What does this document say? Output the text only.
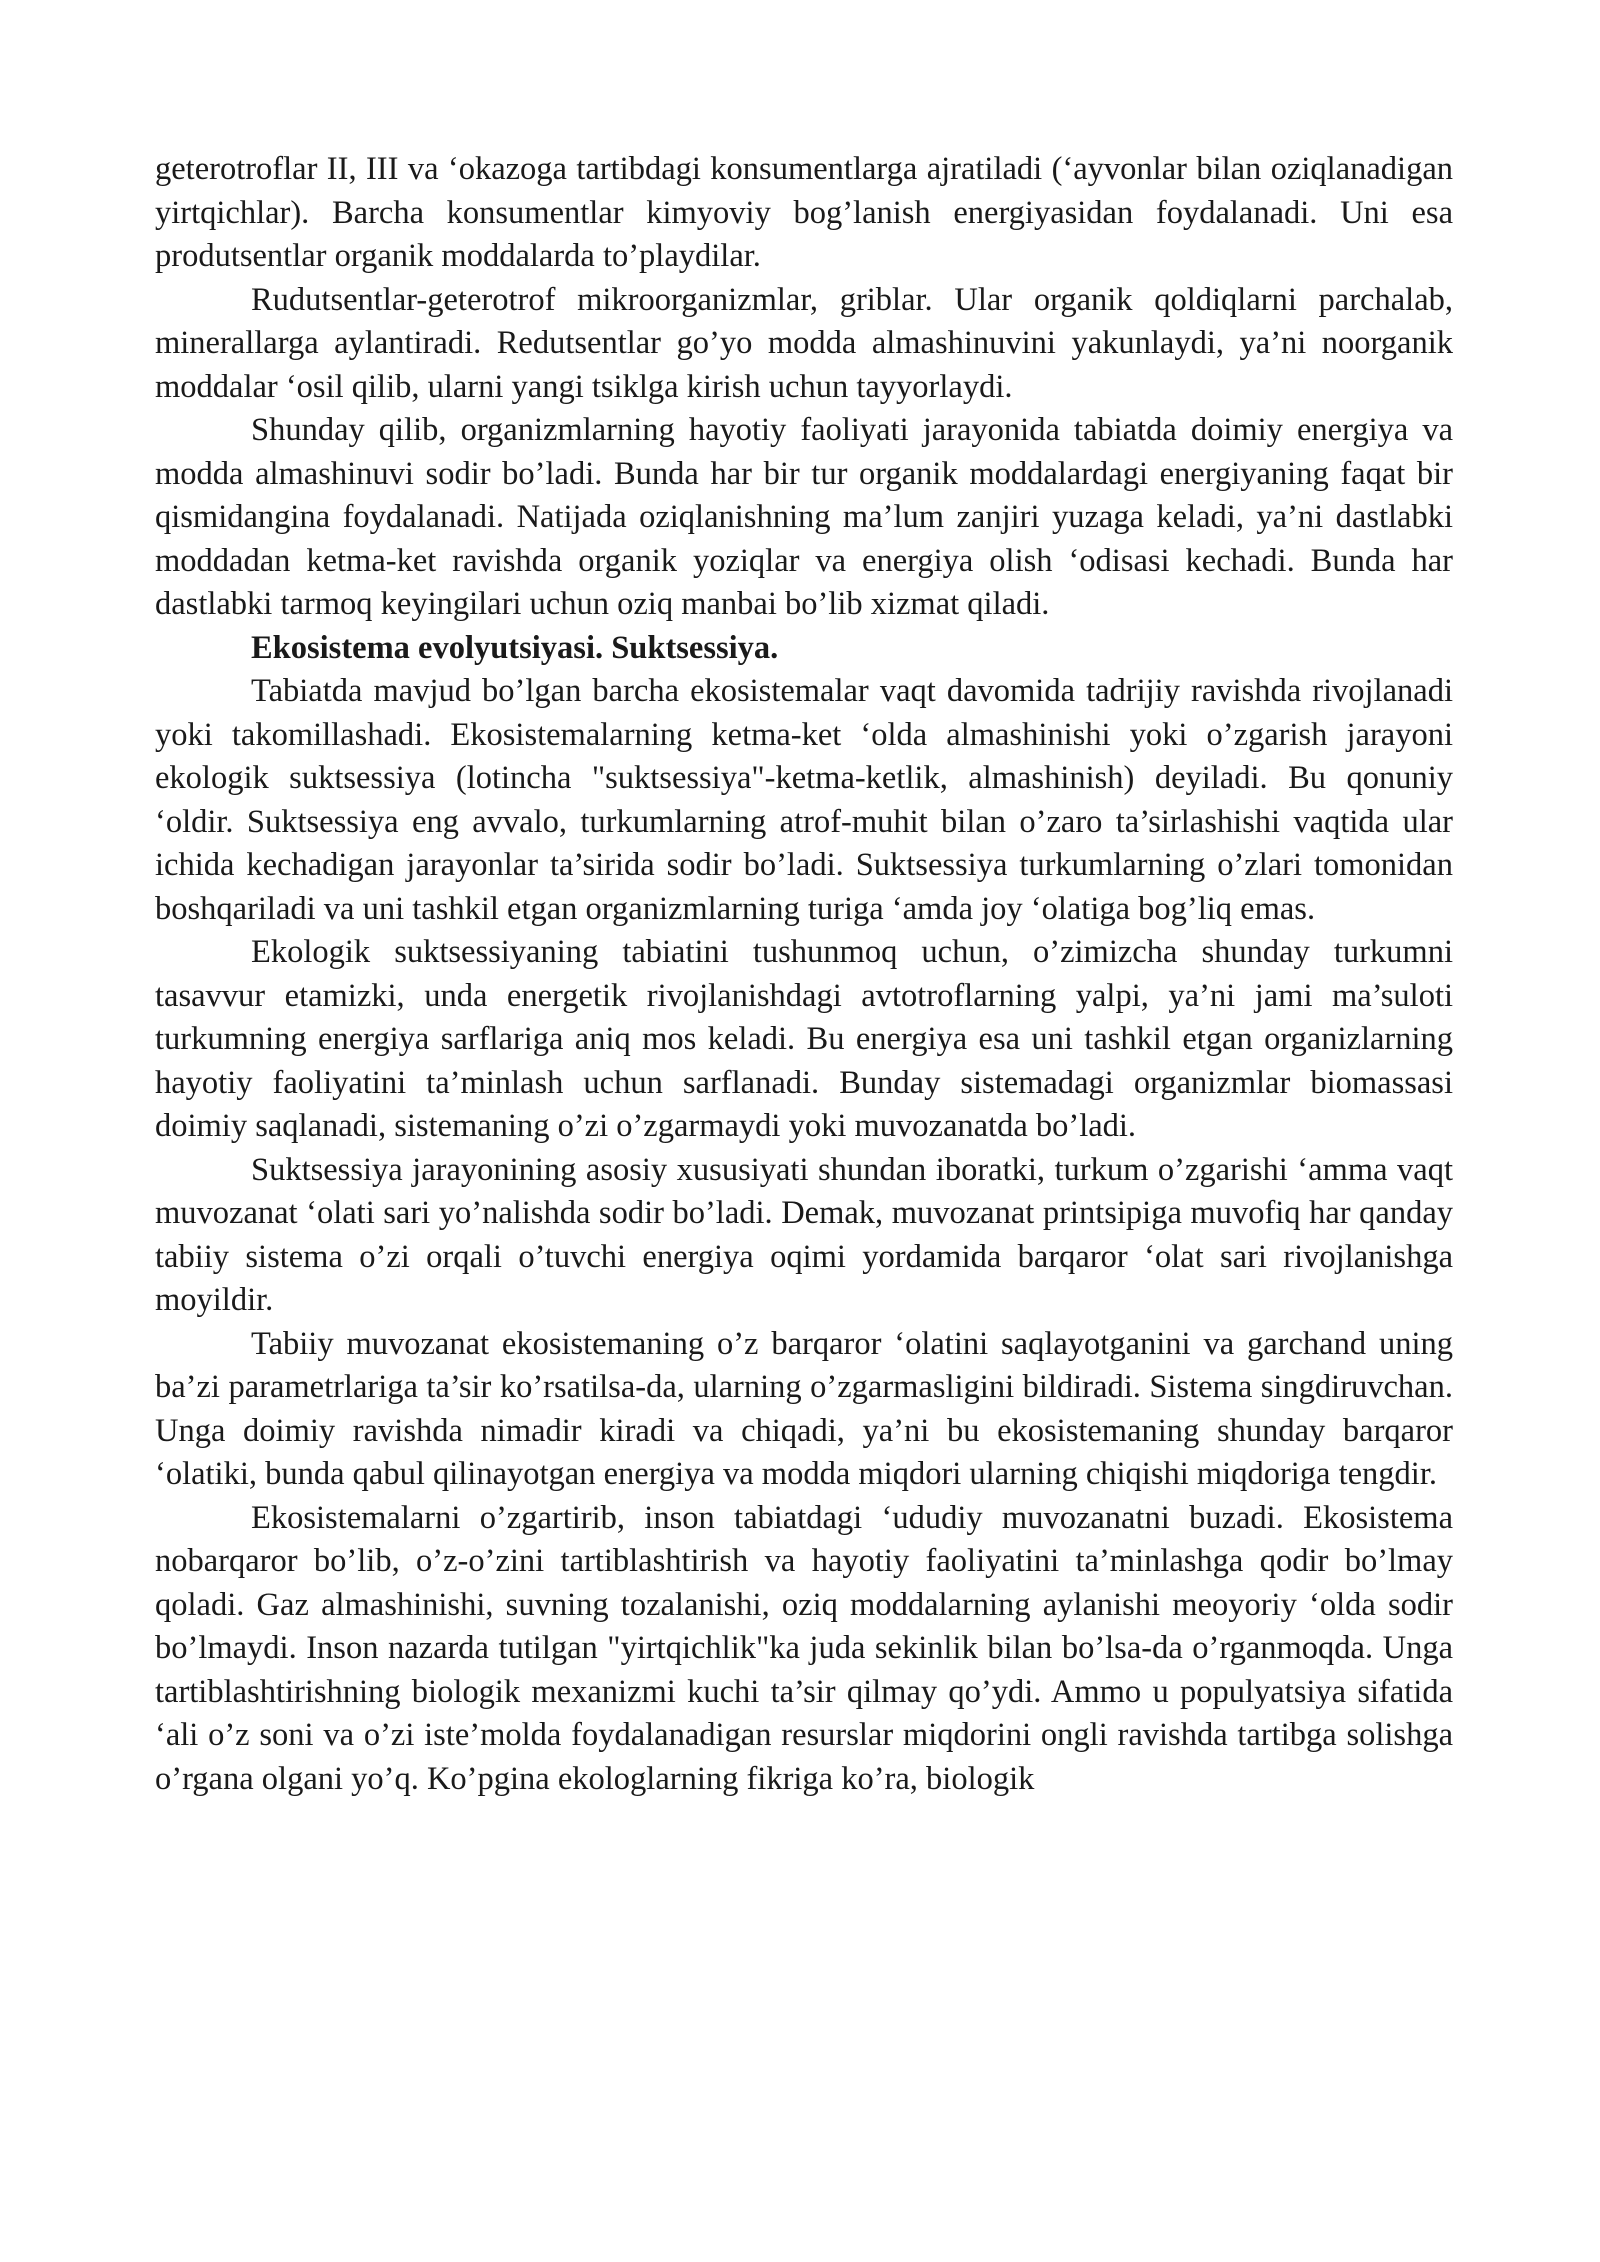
geterotroflar II, III va ‘okazoga tartibdagi konsumentlarga ajratiladi (‘ayvonlar bilan oziqlanadigan yirtqichlar). Barcha konsumentlar kimyoviy bog’lanish energiyasidan foydalanadi. Uni esa produtsentlar organik moddalarda to’playdilar.

Rudutsentlar-geterotrof mikroorganizmlar, griblar. Ular organik qoldiqlarni parchalab, minerallarga aylantiradi. Redutsentlar go’yo modda almashinuvini yakunlaydi, ya’ni noorganik moddalar ‘osil qilib, ularni yangi tsiklga kirish uchun tayyorlaydi.

Shunday qilib, organizmlarning hayotiy faoliyati jarayonida tabiatda doimiy energiya va modda almashinuvi sodir bo’ladi. Bunda har bir tur organik moddalardagi energiyaning faqat bir qismidangina foydalanadi. Natijada oziqlanishning ma’lum zanjiri yuzaga keladi, ya’ni dastlabki moddadan ketma-ket ravishda organik yoziqlar va energiya olish ‘odisasi kechadi. Bunda har dastlabki tarmoq keyingilari uchun oziq manbai bo’lib xizmat qiladi.

Ekosistema evolyutsiyasi. Suktsessiya.

Tabiatda mavjud bo’lgan barcha ekosistemalar vaqt davomida tadrijiy ravishda rivojlanadi yoki takomillashadi. Ekosistemalarning ketma-ket ‘olda almashinishi yoki o’zgarish jarayoni ekologik suktsessiya (lotincha "suktsessiya"-ketma-ketlik, almashinish) deyiladi. Bu qonuniy ‘oldir. Suktsessiya eng avvalo, turkumlarning atrof-muhit bilan o’zaro ta’sirlashishi vaqtida ular ichida kechadigan jarayonlar ta’sirida sodir bo’ladi. Suktsessiya turkumlarning o’zlari tomonidan boshqariladi va uni tashkil etgan organizmlarning turiga ‘amda joy ‘olatiga bog’liq emas.

Ekologik suktsessiyaning tabiatini tushunmoq uchun, o’zimizcha shunday turkumni tasavvur etamizki, unda energetik rivojlanishdagi avtotroflarning yalpi, ya’ni jami ma’suloti turkumning energiya sarflariga aniq mos keladi. Bu energiya esa uni tashkil etgan organizlarning hayotiy faoliyatini ta’minlash uchun sarflanadi. Bunday sistemadagi organizmlar biomassasi doimiy saqlanadi, sistemaning o’zi o’zgarmaydi yoki muvozanatda bo’ladi.

Suktsessiya jarayonining asosiy xususiyati shundan iboratki, turkum o’zgarishi ‘amma vaqt muvozanat ‘olati sari yo’nalishda sodir bo’ladi. Demak, muvozanat printsipiga muvofiq har qanday tabiiy sistema o’zi orqali o’tuvchi energiya oqimi yordamida barqaror ‘olat sari rivojlanishga moyildir.

Tabiiy muvozanat ekosistemaning o’z barqaror ‘olatini saqlayotganini va garchand uning ba’zi parametrlariga ta’sir ko’rsatilsa-da, ularning o’zgarmasligini bildiradi. Sistema singdiruvchan. Unga doimiy ravishda nimadir kiradi va chiqadi, ya’ni bu ekosistemaning shunday barqaror ‘olatiki, bunda qabul qilinayotgan energiya va modda miqdori ularning chiqishi miqdoriga tengdir.

Ekosistemalarni o’zgartirib, inson tabiatdagi ‘ududiy muvozanatni buzadi. Ekosistema nobarqaror bo’lib, o’z-o’zini tartiblashtirish va hayotiy faoliyatini ta’minlashga qodir bo’lmay qoladi. Gaz almashinishi, suvning tozalanishi, oziq moddalarning aylanishi meoyoriy ‘olda sodir bo’lmaydi. Inson nazarda tutilgan "yirtqichlik"ka juda sekinlik bilan bo’lsa-da o’rganmoqda. Unga tartiblashtirishning biologik mexanizmi kuchi ta’sir qilmay qo’ydi. Ammo u populyatsiya sifatida ‘ali o’z soni va o’zi iste’molda foydalanadigan resurslar miqdorini ongli ravishda tartibga solishga o’rgana olgani yo’q. Ko’pgina ekologlarning fikriga ko’ra, biologik
